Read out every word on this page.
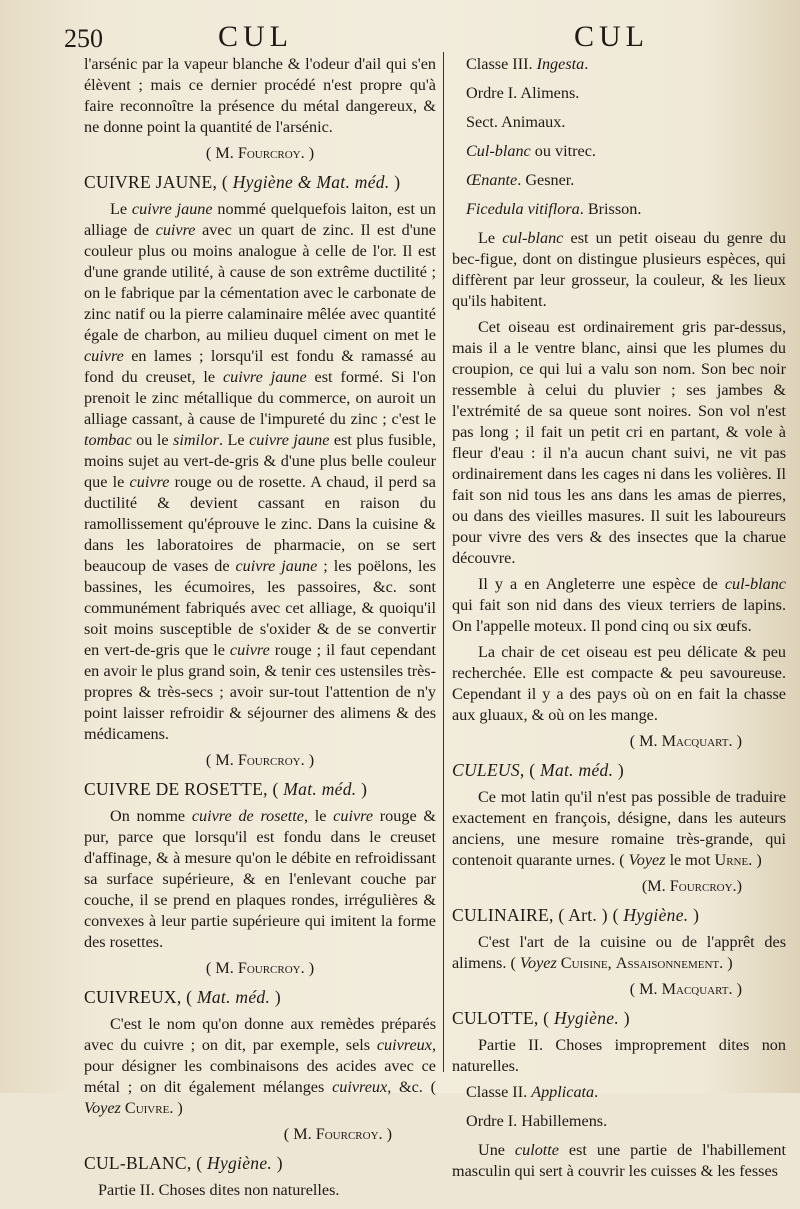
250	CUL	CUL

l'arsénic par la vapeur blanche & l'odeur d'ail qui s'en élèvent ; mais ce dernier procédé n'est propre qu'à faire reconnoître la présence du métal dangereux, & ne donne point la quantité de l'arsénic.

( M. Fourcroy. )

CUIVRE JAUNE, ( Hygiène & Mat. méd. )

Le cuivre jaune nommé quelquefois laiton, est un alliage de cuivre avec un quart de zinc. Il est d'une couleur plus ou moins analogue à celle de l'or. Il est d'une grande utilité, à cause de son extrême ductilité ; on le fabrique par la cémentation avec le carbonate de zinc natif ou la pierre calaminaire mêlée avec quantité égale de charbon, au milieu duquel ciment on met le cuivre en lames ; lorsqu'il est fondu & ramassé au fond du creuset, le cuivre jaune est formé. Si l'on prenoit le zinc métallique du commerce, on auroit un alliage cassant, à cause de l'impureté du zinc ; c'est le tombac ou le similor. Le cuivre jaune est plus fusible, moins sujet au vert-de-gris & d'une plus belle couleur que le cuivre rouge ou de rosette. A chaud, il perd sa ductilité & devient cassant en raison du ramollissement qu'éprouve le zinc. Dans la cuisine & dans les laboratoires de pharmacie, on se sert beaucoup de vases de cuivre jaune ; les poëlons, les bassines, les écumoires, les passoires, &c. sont communément fabriqués avec cet alliage, & quoiqu'il soit moins susceptible de s'oxider & de se convertir en vert-de-gris que le cuivre rouge ; il faut cependant en avoir le plus grand soin, & tenir ces ustensiles très-propres & très-secs ; avoir sur-tout l'attention de n'y point laisser refroidir & séjourner des alimens & des médicamens.

( M. Fourcroy. )

CUIVRE DE ROSETTE, ( Mat. méd. )

On nomme cuivre de rosette, le cuivre rouge & pur, parce que lorsqu'il est fondu dans le creuset d'affinage, & à mesure qu'on le débite en refroidissant sa surface supérieure, & en l'enlevant couche par couche, il se prend en plaques rondes, irrégulières & convexes à leur partie supérieure qui imitent la forme des rosettes.

( M. Fourcroy. )

CUIVREUX, ( Mat. méd. )

C'est le nom qu'on donne aux remèdes préparés avec du cuivre ; on dit, par exemple, sels cuivreux, pour désigner les combinaisons des acides avec ce métal ; on dit également mélanges cuivreux, &c. ( Voyez Cuivre. )

( M. Fourcroy. )

CUL-BLANC, ( Hygiène. )

Partie II. Choses dites non naturelles.

Classe III. Ingesta.

Ordre I. Alimens.

Sect. Animaux.

Cul-blanc ou vitrec.

Œnante. Gesner.

Ficedula vitiflora. Brisson.

Le cul-blanc est un petit oiseau du genre du bec-figue, dont on distingue plusieurs espèces, qui diffèrent par leur grosseur, la couleur, & les lieux qu'ils habitent.

Cet oiseau est ordinairement gris par-dessus, mais il a le ventre blanc, ainsi que les plumes du croupion, ce qui lui a valu son nom. Son bec noir ressemble à celui du pluvier ; ses jambes & l'extrémité de sa queue sont noires. Son vol n'est pas long ; il fait un petit cri en partant, & vole à fleur d'eau : il n'a aucun chant suivi, ne vit pas ordinairement dans les cages ni dans les volières. Il fait son nid tous les ans dans les amas de pierres, ou dans des vieilles masures. Il suit les laboureurs pour vivre des vers & des insectes que la charue découvre.

Il y a en Angleterre une espèce de cul-blanc qui fait son nid dans des vieux terriers de lapins. On l'appelle moteux. Il pond cinq ou six œufs.

La chair de cet oiseau est peu délicate & peu recherchée. Elle est compacte & peu savoureuse. Cependant il y a des pays où on en fait la chasse aux gluaux, & où on les mange.

( M. Macquart. )

CULEUS, ( Mat. méd. )

Ce mot latin qu'il n'est pas possible de traduire exactement en françois, désigne, dans les auteurs anciens, une mesure romaine très-grande, qui contenoit quarante urnes. ( Voyez le mot Urne. )

(M. Fourcroy.)

CULINAIRE, ( Art. ) ( Hygiène. )

C'est l'art de la cuisine ou de l'apprêt des alimens. ( Voyez Cuisine, Assaisonnement. )

( M. Macquart. )

CULOTTE, ( Hygiène. )

Partie II. Choses improprement dites non naturelles.

Classe II. Applicata.

Ordre I. Habillemens.

Une culotte est une partie de l'habillement masculin qui sert à couvrir les cuisses & les fesses
